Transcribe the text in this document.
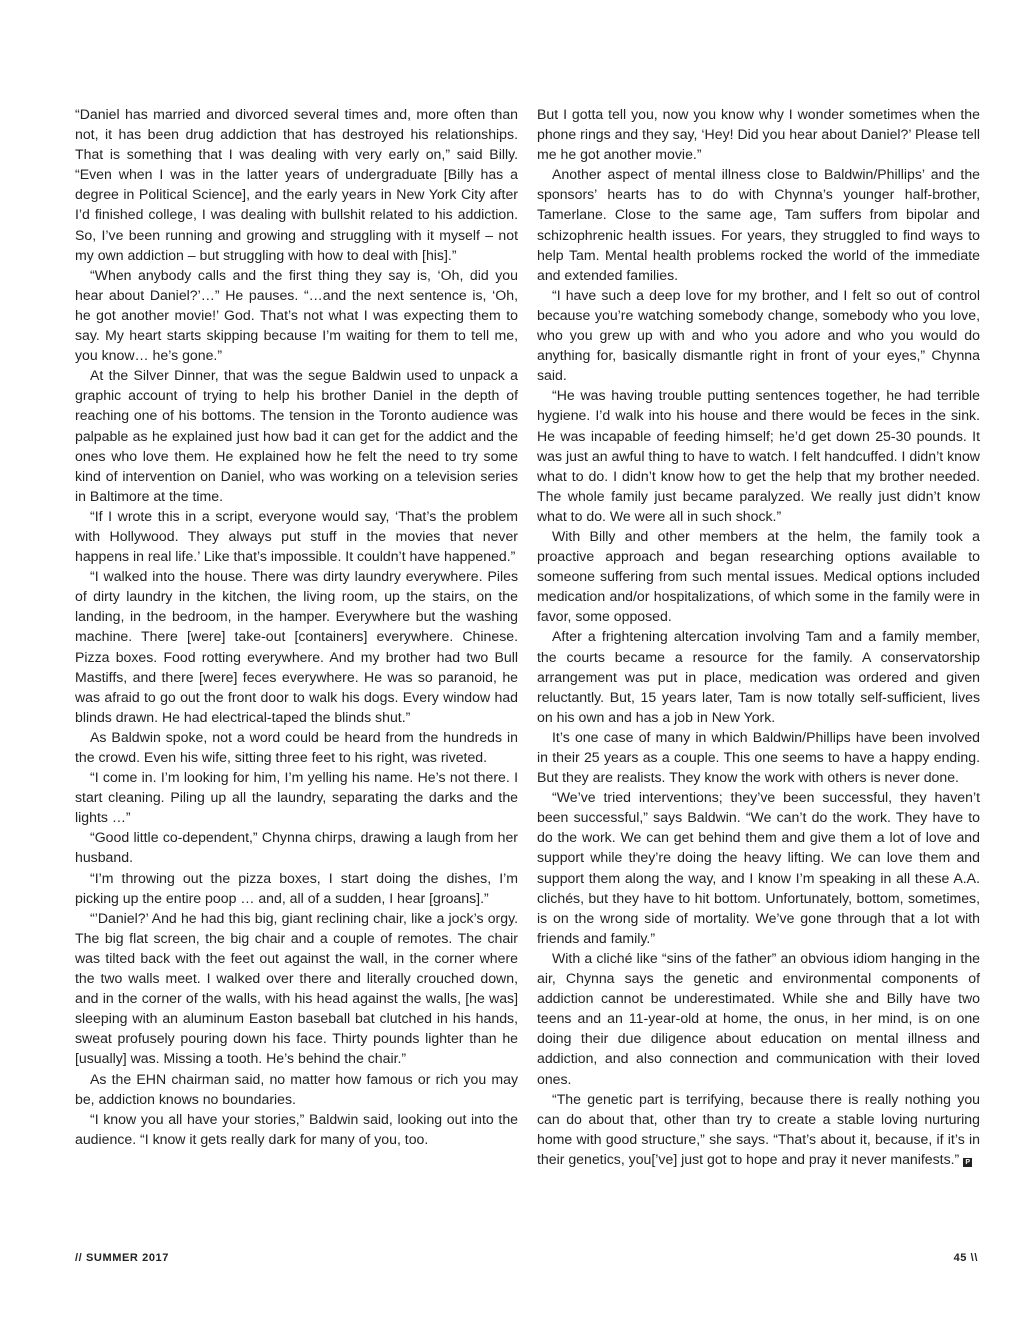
“Daniel has married and divorced several times and, more often than not, it has been drug addiction that has destroyed his relationships. That is something that I was dealing with very early on,” said Billy. “Even when I was in the latter years of undergraduate [Billy has a degree in Political Science], and the early years in New York City after I’d finished college, I was dealing with bullshit related to his addiction. So, I’ve been running and growing and struggling with it myself – not my own addiction – but struggling with how to deal with [his].”

“When anybody calls and the first thing they say is, ‘Oh, did you hear about Daniel?’…” He pauses. “…and the next sentence is, ‘Oh, he got another movie!’ God. That’s not what I was expecting them to say. My heart starts skipping because I’m waiting for them to tell me, you know… he’s gone.”

At the Silver Dinner, that was the segue Baldwin used to unpack a graphic account of trying to help his brother Daniel in the depth of reaching one of his bottoms. The tension in the Toronto audience was palpable as he explained just how bad it can get for the addict and the ones who love them. He explained how he felt the need to try some kind of intervention on Daniel, who was working on a television series in Baltimore at the time.

“If I wrote this in a script, everyone would say, ‘That’s the problem with Hollywood. They always put stuff in the movies that never happens in real life.’ Like that’s impossible. It couldn’t have happened.”

“I walked into the house. There was dirty laundry everywhere. Piles of dirty laundry in the kitchen, the living room, up the stairs, on the landing, in the bedroom, in the hamper. Everywhere but the washing machine. There [were] take-out [containers] everywhere. Chinese. Pizza boxes. Food rotting everywhere. And my brother had two Bull Mastiffs, and there [were] feces everywhere. He was so paranoid, he was afraid to go out the front door to walk his dogs. Every window had blinds drawn. He had electrical-taped the blinds shut.”

As Baldwin spoke, not a word could be heard from the hundreds in the crowd. Even his wife, sitting three feet to his right, was riveted.

“I come in. I’m looking for him, I’m yelling his name. He’s not there. I start cleaning. Piling up all the laundry, separating the darks and the lights …”

“Good little co-dependent,” Chynna chirps, drawing a laugh from her husband.

“I’m throwing out the pizza boxes, I start doing the dishes, I’m picking up the entire poop … and, all of a sudden, I hear [groans].”

“’Daniel?’ And he had this big, giant reclining chair, like a jock’s orgy. The big flat screen, the big chair and a couple of remotes. The chair was tilted back with the feet out against the wall, in the corner where the two walls meet. I walked over there and literally crouched down, and in the corner of the walls, with his head against the walls, [he was] sleeping with an aluminum Easton baseball bat clutched in his hands, sweat profusely pouring down his face. Thirty pounds lighter than he [usually] was. Missing a tooth. He’s behind the chair.”

As the EHN chairman said, no matter how famous or rich you may be, addiction knows no boundaries.

“I know you all have your stories,” Baldwin said, looking out into the audience. “I know it gets really dark for many of you, too.

But I gotta tell you, now you know why I wonder sometimes when the phone rings and they say, ‘Hey! Did you hear about Daniel?’ Please tell me he got another movie.”

Another aspect of mental illness close to Baldwin/Phillips’ and the sponsors’ hearts has to do with Chynna’s younger half-brother, Tamerlane. Close to the same age, Tam suffers from bipolar and schizophrenic health issues. For years, they struggled to find ways to help Tam. Mental health problems rocked the world of the immediate and extended families.

“I have such a deep love for my brother, and I felt so out of control because you’re watching somebody change, somebody who you love, who you grew up with and who you adore and who you would do anything for, basically dismantle right in front of your eyes,” Chynna said.

“He was having trouble putting sentences together, he had terrible hygiene. I’d walk into his house and there would be feces in the sink. He was incapable of feeding himself; he’d get down 25-30 pounds. It was just an awful thing to have to watch. I felt handcuffed. I didn’t know what to do. I didn’t know how to get the help that my brother needed. The whole family just became paralyzed. We really just didn’t know what to do. We were all in such shock.”

With Billy and other members at the helm, the family took a proactive approach and began researching options available to someone suffering from such mental issues. Medical options included medication and/or hospitalizations, of which some in the family were in favor, some opposed.

After a frightening altercation involving Tam and a family member, the courts became a resource for the family. A conservatorship arrangement was put in place, medication was ordered and given reluctantly. But, 15 years later, Tam is now totally self-sufficient, lives on his own and has a job in New York.

It’s one case of many in which Baldwin/Phillips have been involved in their 25 years as a couple. This one seems to have a happy ending. But they are realists. They know the work with others is never done.

“We’ve tried interventions; they’ve been successful, they haven’t been successful,” says Baldwin. “We can’t do the work. They have to do the work. We can get behind them and give them a lot of love and support while they’re doing the heavy lifting. We can love them and support them along the way, and I know I’m speaking in all these A.A. clichés, but they have to hit bottom. Unfortunately, bottom, sometimes, is on the wrong side of mortality. We’ve gone through that a lot with friends and family.”

With a cliché like “sins of the father” an obvious idiom hanging in the air, Chynna says the genetic and environmental components of addiction cannot be underestimated. While she and Billy have two teens and an 11-year-old at home, the onus, in her mind, is on one doing their due diligence about education on mental illness and addiction, and also connection and communication with their loved ones.

“The genetic part is terrifying, because there is really nothing you can do about that, other than try to create a stable loving nurturing home with good structure,” she says. “That’s about it, because, if it’s in their genetics, you[’ve] just got to hope and pray it never manifests.” P

// SUMMER 2017	45 \\
